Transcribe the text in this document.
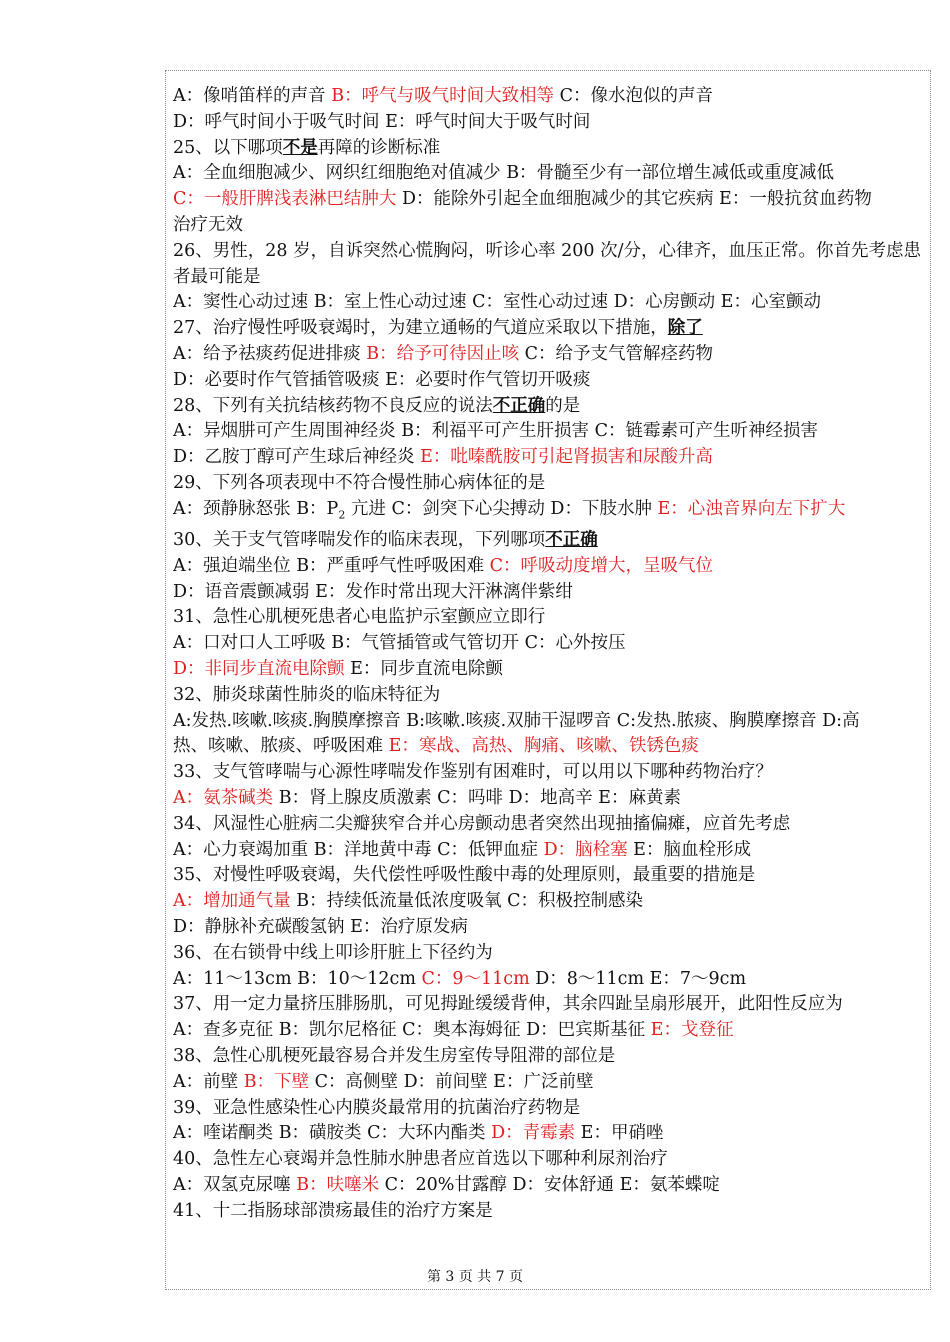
A：像哨笛样的声音 B：呼气与吸气时间大致相等 C：像水泡似的声音
D：呼气时间小于吸气时间 E：呼气时间大于吸气时间
25、以下哪项不是再障的诊断标准
A：全血细胞减少、网织红细胞绝对值减少 B：骨髓至少有一部位增生减低或重度减低
C：一般肝脾浅表淋巴结肿大 D：能除外引起全血细胞减少的其它疾病 E：一般抗贫血药物
治疗无效
26、男性，28 岁，自诉突然心慌胸闷，听诊心率 200 次/分，心律齐，血压正常。你首先考虑患
者最可能是
A：窦性心动过速 B：室上性心动过速 C：室性心动过速 D：心房颤动 E：心室颤动
27、治疗慢性呼吸衰竭时，为建立通畅的气道应采取以下措施，除了
A：给予祛痰药促进排痰 B：给予可待因止咳 C：给予支气管解痉药物
D：必要时作气管插管吸痰 E：必要时作气管切开吸痰
28、下列有关抗结核药物不良反应的说法不正确的是
A：异烟肼可产生周围神经炎 B：利福平可产生肝损害 C：链霉素可产生听神经损害
D：乙胺丁醇可产生球后神经炎 E：吡嗪酰胺可引起肾损害和尿酸升高
29、下列各项表现中不符合慢性肺心病体征的是
A：颈静脉怒张 B：$P_2$ 亢进 C：剑突下心尖搏动 D：下肢水肿 E：心浊音界向左下扩大
30、关于支气管哮喘发作的临床表现，下列哪项不正确
A：强迫端坐位 B：严重呼气性呼吸困难 C：呼吸动度增大，呈吸气位
D：语音震颤减弱 E：发作时常出现大汗淋漓伴紫绀
31、急性心肌梗死患者心电监护示室颤应立即行
A：口对口人工呼吸 B：气管插管或气管切开 C：心外按压
D：非同步直流电除颤 E：同步直流电除颤
32、肺炎球菌性肺炎的临床特征为
A:发热.咳嗽.咳痰.胸膜摩擦音 B:咳嗽.咳痰.双肺干湿啰音 C:发热.脓痰、胸膜摩擦音 D:高
热、咳嗽、脓痰、呼吸困难 E：寒战、高热、胸痛、咳嗽、铁锈色痰
33、支气管哮喘与心源性哮喘发作鉴别有困难时，可以用以下哪种药物治疗？
A：氨茶碱类 B：肾上腺皮质激素 C：吗啡 D：地高辛 E：麻黄素
34、风湿性心脏病二尖瓣狭窄合并心房颤动患者突然出现抽搐偏瘫，应首先考虑
A：心力衰竭加重 B：洋地黄中毒 C：低钾血症 D：脑栓塞 E：脑血栓形成
35、对慢性呼吸衰竭，失代偿性呼吸性酸中毒的处理原则，最重要的措施是
A：增加通气量 B：持续低流量低浓度吸氧 C：积极控制感染
D：静脉补充碳酸氢钠 E：治疗原发病
36、在右锁骨中线上叩诊肝脏上下径约为
A：11～13cm B：10～12cm C：9～11cm D：8～11cm E：7～9cm
37、用一定力量挤压腓肠肌，可见拇趾缓缓背伸，其余四趾呈扇形展开，此阳性反应为
A：查多克征 B：凯尔尼格征 C：奥本海姆征 D：巴宾斯基征 E：戈登征
38、急性心肌梗死最容易合并发生房室传导阻滞的部位是
A：前壁 B：下壁 C：高侧壁 D：前间壁 E：广泛前壁
39、亚急性感染性心内膜炎最常用的抗菌治疗药物是
A：喹诺酮类 B：磺胺类 C：大环内酯类 D：青霉素 E：甲硝唑
40、急性左心衰竭并急性肺水肿患者应首选以下哪种利尿剂治疗
A：双氢克尿噻 B：呋噻米 C：20%甘露醇 D：安体舒通 E：氨苯蝶啶
41、十二指肠球部溃疡最佳的治疗方案是
第 3 页 共 7 页
